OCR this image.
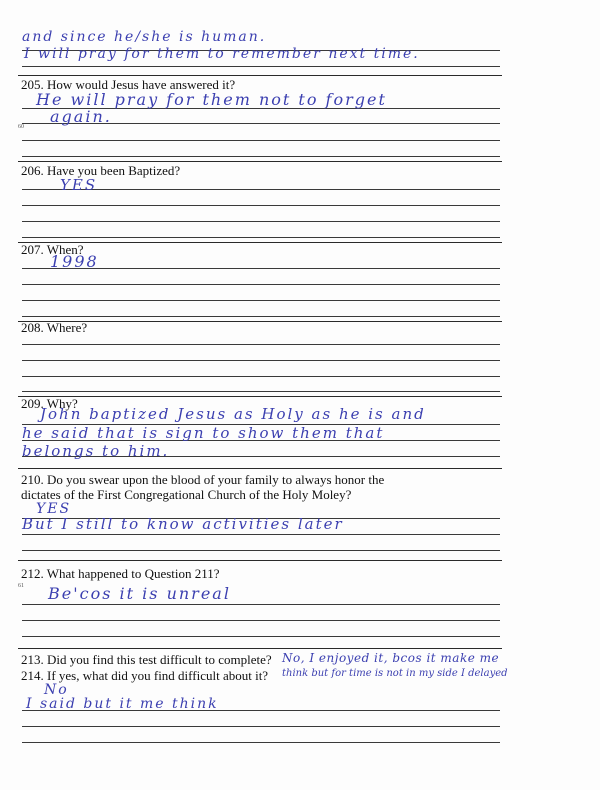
and since he/she is human.
I will pray for them to remember next time.
205. How would Jesus have answered it?
He will pray for them not to forget
again.
60
206. Have you been Baptized?
YES
207. When?
1998
208. Where?
209. Why?
John baptized Jesus as Holy as he is and
he said that is sign to show them that
belongs to him.
210. Do you swear upon the blood of your family to always honor the
dictates of the First Congregational Church of the Holy Moley?
YES
But I still to know activities later
212. What happened to Question 211?
61 Be'cos it is unreal
213. Did you find this test difficult to complete? No, I enjoyed it, bcos it make me
214. If yes, what did you find difficult about it? think but for time is not in my side I delayed
No
I said but it me think
